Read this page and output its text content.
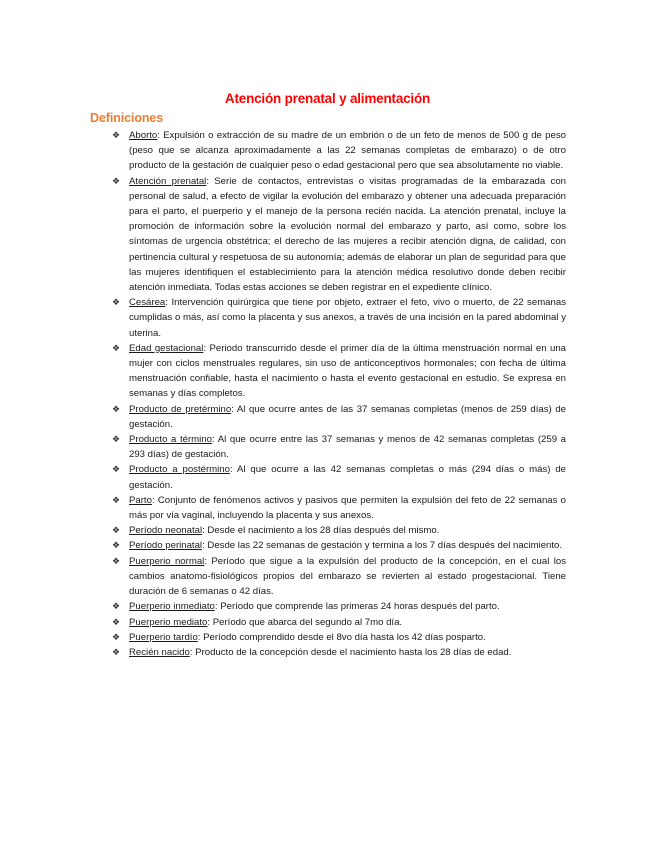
Atención prenatal y alimentación
Definiciones
❖ Aborto: Expulsión o extracción de su madre de un embrión o de un feto de menos de 500 g de peso (peso que se alcanza aproximadamente a las 22 semanas completas de embarazo) o de otro producto de la gestación de cualquier peso o edad gestacional pero que sea absolutamente no viable.
❖ Atención prenatal: Serie de contactos, entrevistas o visitas programadas de la embarazada con personal de salud, a efecto de vigilar la evolución del embarazo y obtener una adecuada preparación para el parto, el puerperio y el manejo de la persona recién nacida. La atención prenatal, incluye la promoción de información sobre la evolución normal del embarazo y parto, así como, sobre los síntomas de urgencia obstétrica; el derecho de las mujeres a recibir atención digna, de calidad, con pertinencia cultural y respetuosa de su autonomía; además de elaborar un plan de seguridad para que las mujeres identifiquen el establecimiento para la atención médica resolutivo donde deben recibir atención inmediata. Todas estas acciones se deben registrar en el expediente clínico.
❖ Cesárea: Intervención quirúrgica que tiene por objeto, extraer el feto, vivo o muerto, de 22 semanas cumplidas o más, así como la placenta y sus anexos, a través de una incisión en la pared abdominal y uterina.
❖ Edad gestacional: Periodo transcurrido desde el primer día de la última menstruación normal en una mujer con ciclos menstruales regulares, sin uso de anticonceptivos hormonales; con fecha de última menstruación confiable, hasta el nacimiento o hasta el evento gestacional en estudio. Se expresa en semanas y días completos.
❖ Producto de pretérmino: Al que ocurre antes de las 37 semanas completas (menos de 259 días) de gestación.
❖ Producto a término: Al que ocurre entre las 37 semanas y menos de 42 semanas completas (259 a 293 días) de gestación.
❖ Producto a postérmino: Al que ocurre a las 42 semanas completas o más (294 días o más) de gestación.
❖ Parto: Conjunto de fenómenos activos y pasivos que permiten la expulsión del feto de 22 semanas o más por vía vaginal, incluyendo la placenta y sus anexos.
❖ Período neonatal: Desde el nacimiento a los 28 días después del mismo.
❖ Período perinatal: Desde las 22 semanas de gestación y termina a los 7 días después del nacimiento.
❖ Puerperio normal: Período que sigue a la expulsión del producto de la concepción, en el cual los cambios anatomo-fisiológicos propios del embarazo se revierten al estado progestacional. Tiene duración de 6 semanas o 42 días.
❖ Puerperio inmediato: Período que comprende las primeras 24 horas después del parto.
❖ Puerperio mediato: Período que abarca del segundo al 7mo día.
❖ Puerperio tardío: Período comprendido desde el 8vo día hasta los 42 días posparto.
❖ Recién nacido: Producto de la concepción desde el nacimiento hasta los 28 días de edad.
